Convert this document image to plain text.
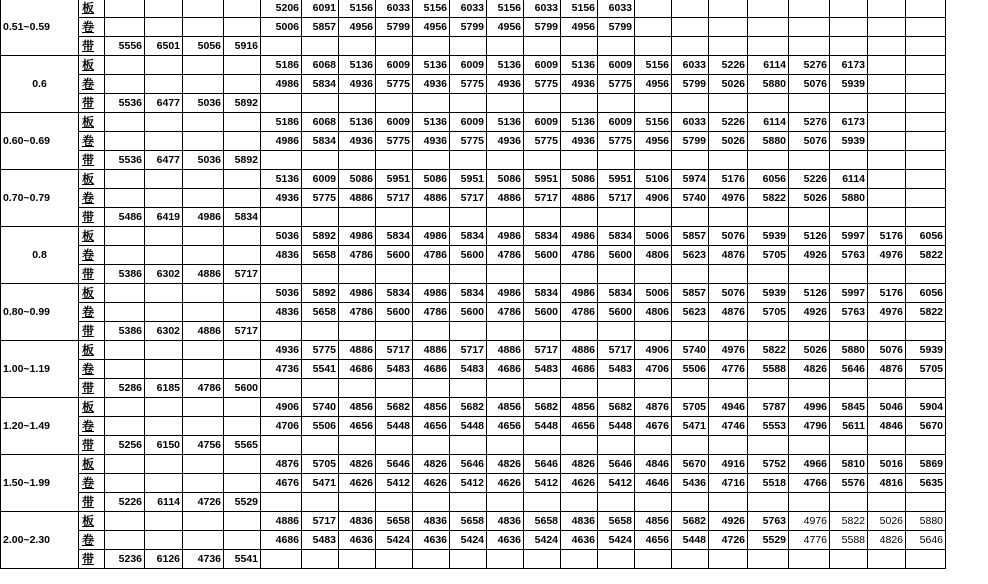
0.51~0.59	板					5206	6091	5156	6033	5156	6033	5156	6033	5156	6033								
	卷					5006	5857	4956	5799	4956	5799	4956	5799	4956	5799								
	带	5556	6501	5056	5916																		
0.6	板					5186	6068	5136	6009	5136	6009	5136	6009	5136	6009	5156	6033	5226	6114	5276	6173		
	卷					4986	5834	4936	5775	4936	5775	4936	5775	4936	5775	4956	5799	5026	5880	5076	5939		
	带	5536	6477	5036	5892																		
0.60~0.69	板					5186	6068	5136	6009	5136	6009	5136	6009	5136	6009	5156	6033	5226	6114	5276	6173		
	卷					4986	5834	4936	5775	4936	5775	4936	5775	4936	5775	4956	5799	5026	5880	5076	5939		
	带	5536	6477	5036	5892																		
0.70~0.79	板					5136	6009	5086	5951	5086	5951	5086	5951	5086	5951	5106	5974	5176	6056	5226	6114		
	卷					4936	5775	4886	5717	4886	5717	4886	5717	4886	5717	4906	5740	4976	5822	5026	5880		
	带	5486	6419	4986	5834																		
0.8	板					5036	5892	4986	5834	4986	5834	4986	5834	4986	5834	5006	5857	5076	5939	5126	5997	5176	6056
	卷					4836	5658	4786	5600	4786	5600	4786	5600	4786	5600	4806	5623	4876	5705	4926	5763	4976	5822
	带	5386	6302	4886	5717																		
0.80~0.99	板					5036	5892	4986	5834	4986	5834	4986	5834	4986	5834	5006	5857	5076	5939	5126	5997	5176	6056
	卷					4836	5658	4786	5600	4786	5600	4786	5600	4786	5600	4806	5623	4876	5705	4926	5763	4976	5822
	带	5386	6302	4886	5717																		
1.00~1.19	板					4936	5775	4886	5717	4886	5717	4886	5717	4886	5717	4906	5740	4976	5822	5026	5880	5076	5939
	卷					4736	5541	4686	5483	4686	5483	4686	5483	4686	5483	4706	5506	4776	5588	4826	5646	4876	5705
	带	5286	6185	4786	5600																		
1.20~1.49	板					4906	5740	4856	5682	4856	5682	4856	5682	4856	5682	4876	5705	4946	5787	4996	5845	5046	5904
	卷					4706	5506	4656	5448	4656	5448	4656	5448	4656	5448	4676	5471	4746	5553	4796	5611	4846	5670
	带	5256	6150	4756	5565																		
1.50~1.99	板					4876	5705	4826	5646	4826	5646	4826	5646	4826	5646	4846	5670	4916	5752	4966	5810	5016	5869
	卷					4676	5471	4626	5412	4626	5412	4626	5412	4626	5412	4646	5436	4716	5518	4766	5576	4816	5635
	带	5226	6114	4726	5529																		
2.00~2.30	板					4886	5717	4836	5658	4836	5658	4836	5658	4836	5658	4856	5682	4926	5763	4976	5822	5026	5880
	卷					4686	5483	4636	5424	4636	5424	4636	5424	4636	5424	4656	5448	4726	5529	4776	5588	4826	5646
	带	5236	6126	4736	5541																		
